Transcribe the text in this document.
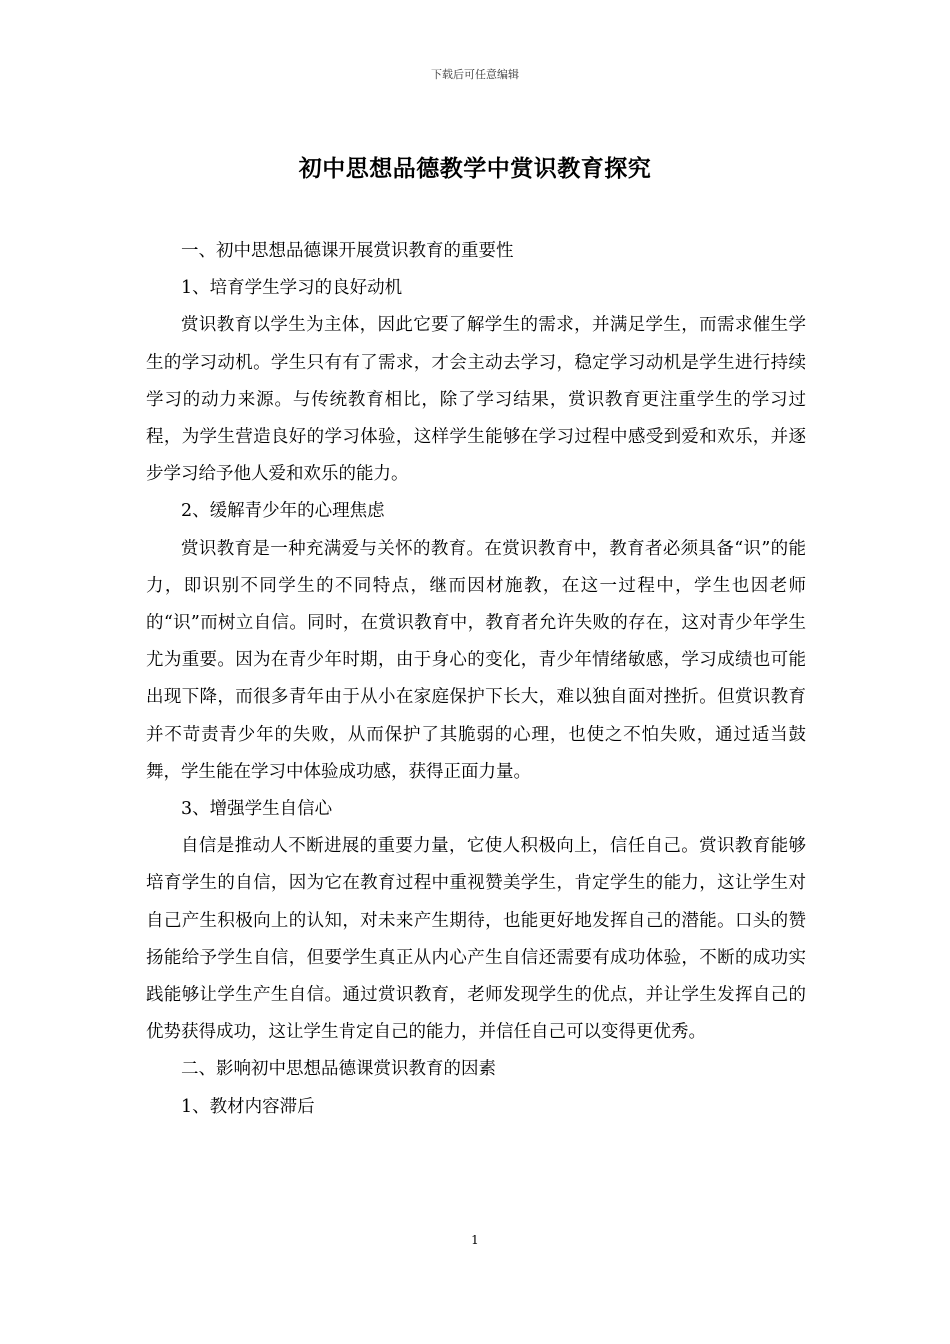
下载后可任意编辑
初中思想品德教学中赏识教育探究

一、初中思想品德课开展赏识教育的重要性

1、培育学生学习的良好动机

赏识教育以学生为主体，因此它要了解学生的需求，并满足学生，而需求催生学生的学习动机。学生只有有了需求，才会主动去学习，稳定学习动机是学生进行持续学习的动力来源。与传统教育相比，除了学习结果，赏识教育更注重学生的学习过程，为学生营造良好的学习体验，这样学生能够在学习过程中感受到爱和欢乐，并逐步学习给予他人爱和欢乐的能力。

2、缓解青少年的心理焦虑

赏识教育是一种充满爱与关怀的教育。在赏识教育中，教育者必须具备“识”的能力，即识别不同学生的不同特点，继而因材施教，在这一过程中，学生也因老师的“识”而树立自信。同时，在赏识教育中，教育者允许失败的存在，这对青少年学生尤为重要。因为在青少年时期，由于身心的变化，青少年情绪敏感，学习成绩也可能出现下降，而很多青年由于从小在家庭保护下长大，难以独自面对挫折。但赏识教育并不苛责青少年的失败，从而保护了其脆弱的心理，也使之不怕失败，通过适当鼓舞，学生能在学习中体验成功感，获得正面力量。

3、增强学生自信心

自信是推动人不断进展的重要力量，它使人积极向上，信任自己。赏识教育能够培育学生的自信，因为它在教育过程中重视赞美学生，肯定学生的能力，这让学生对自己产生积极向上的认知，对未来产生期待，也能更好地发挥自己的潜能。口头的赞扬能给予学生自信，但要学生真正从内心产生自信还需要有成功体验，不断的成功实践能够让学生产生自信。通过赏识教育，老师发现学生的优点，并让学生发挥自己的优势获得成功，这让学生肯定自己的能力，并信任自己可以变得更优秀。

二、影响初中思想品德课赏识教育的因素

1、教材内容滞后

1
